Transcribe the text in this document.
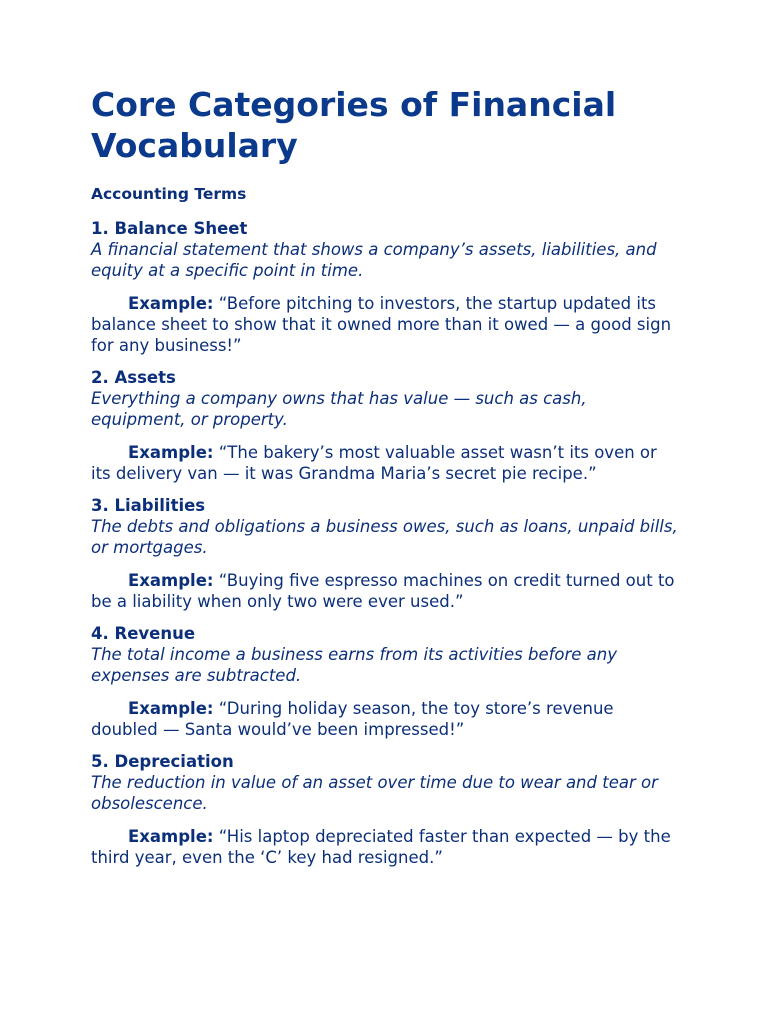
Core Categories of Financial Vocabulary
Accounting Terms
1. Balance Sheet
A financial statement that shows a company’s assets, liabilities, and equity at a specific point in time.
Example: “Before pitching to investors, the startup updated its balance sheet to show that it owned more than it owed — a good sign for any business!”
2. Assets
Everything a company owns that has value — such as cash, equipment, or property.
Example: “The bakery’s most valuable asset wasn’t its oven or its delivery van — it was Grandma Maria’s secret pie recipe.”
3. Liabilities
The debts and obligations a business owes, such as loans, unpaid bills, or mortgages.
Example: “Buying five espresso machines on credit turned out to be a liability when only two were ever used.”
4. Revenue
The total income a business earns from its activities before any expenses are subtracted.
Example: “During holiday season, the toy store’s revenue doubled — Santa would’ve been impressed!”
5. Depreciation
The reduction in value of an asset over time due to wear and tear or obsolescence.
Example: “His laptop depreciated faster than expected — by the third year, even the ‘C’ key had resigned.”
